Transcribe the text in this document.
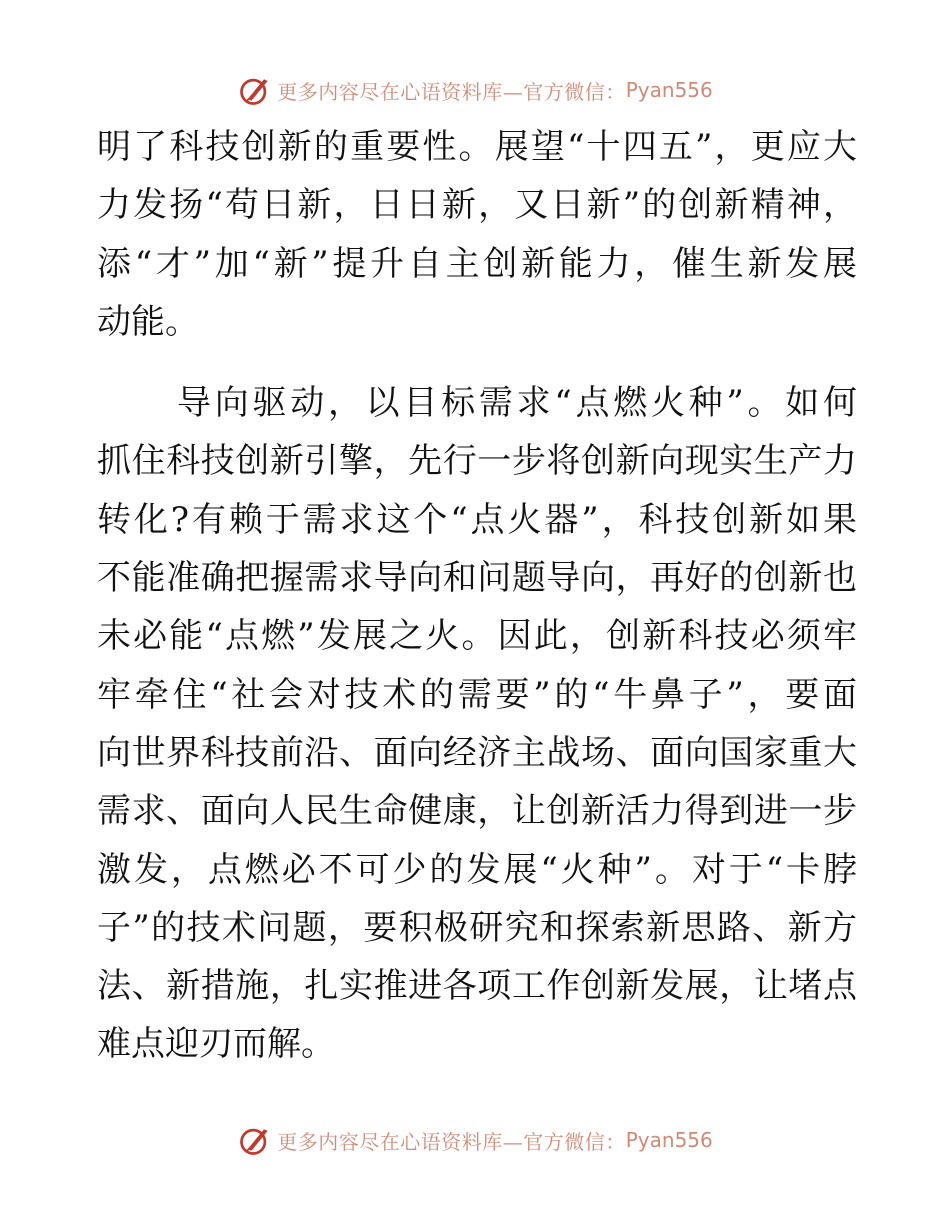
更多内容尽在心语资料库—官方微信： Pyan556
明了科技创新的重要性。展望“十四五”，更应大
力发扬“苟日新，日日新，又日新”的创新精神，
添“才”加“新”提升自主创新能力，催生新发展
动能。
导向驱动，以目标需求“点燃火种”。如何
抓住科技创新引擎，先行一步将创新向现实生产力
转化?有赖于需求这个“点火器”，科技创新如果
不能准确把握需求导向和问题导向，再好的创新也
未必能“点燃”发展之火。因此，创新科技必须牢
牢牵住“社会对技术的需要”的“牛鼻子”，要面
向世界科技前沿、面向经济主战场、面向国家重大
需求、面向人民生命健康，让创新活力得到进一步
激发，点燃必不可少的发展“火种”。对于“卡脖
子”的技术问题，要积极研究和探索新思路、新方
法、新措施，扎实推进各项工作创新发展，让堵点
难点迎刃而解。
更多内容尽在心语资料库—官方微信： Pyan556
